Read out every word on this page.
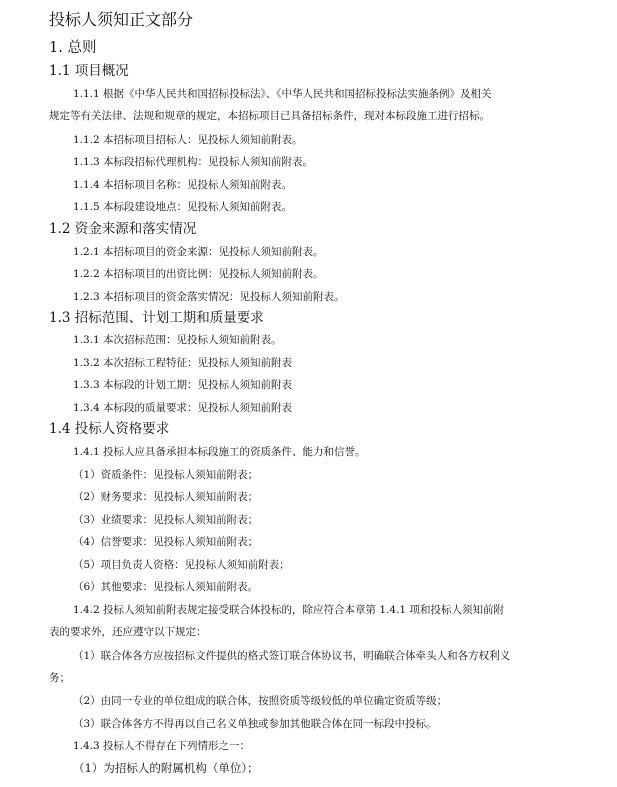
投标人须知正文部分
1. 总则
1.1 项目概况
1.1.1 根据《中华人民共和国招标投标法》、《中华人民共和国招标投标法实施条例》及相关
规定等有关法律、法规和规章的规定，本招标项目已具备招标条件，现对本标段施工进行招标。
1.1.2 本招标项目招标人：见投标人须知前附表。
1.1.3 本标段招标代理机构：见投标人须知前附表。
1.1.4 本招标项目名称：见投标人须知前附表。
1.1.5 本标段建设地点：见投标人须知前附表。
1.2 资金来源和落实情况
1.2.1 本招标项目的资金来源：见投标人须知前附表。
1.2.2 本招标项目的出资比例：见投标人须知前附表。
1.2.3 本招标项目的资金落实情况：见投标人须知前附表。
1.3 招标范围、计划工期和质量要求
1.3.1 本次招标范围：见投标人须知前附表。
1.3.2 本次招标工程特征：见投标人须知前附表
1.3.3 本标段的计划工期：见投标人须知前附表
1.3.4 本标段的质量要求：见投标人须知前附表
1.4 投标人资格要求
1.4.1 投标人应具备承担本标段施工的资质条件、能力和信誉。
（1）资质条件：见投标人须知前附表；
（2）财务要求：见投标人须知前附表；
（3）业绩要求：见投标人须知前附表；
（4）信誉要求：见投标人须知前附表；
（5）项目负责人资格：见投标人须知前附表；
（6）其他要求：见投标人须知前附表。
1.4.2 投标人须知前附表规定接受联合体投标的，除应符合本章第 1.4.1 项和投标人须知前附
表的要求外，还应遵守以下规定：
（1）联合体各方应按招标文件提供的格式签订联合体协议书，明确联合体牵头人和各方权利义
务；
（2）由同一专业的单位组成的联合体，按照资质等级较低的单位确定资质等级；
（3）联合体各方不得再以自己名义单独或参加其他联合体在同一标段中投标。
1.4.3 投标人不得存在下列情形之一：
（1）为招标人的附属机构（单位）；
